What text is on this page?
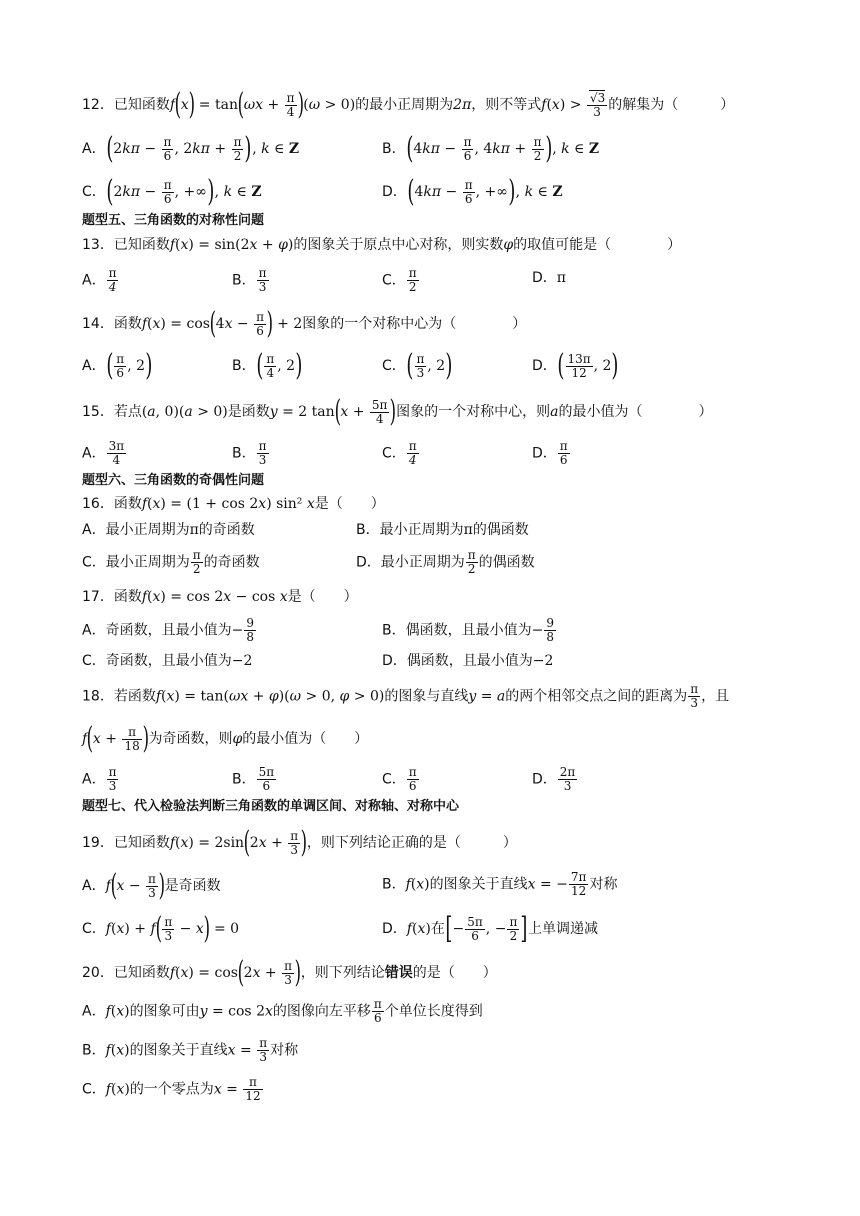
12．已知函数$f(x) = \tan(\omega x + \frac{\pi}{4} )(\omega > 0)$的最小正周期为2π，则不等式$f(x) > \frac{√3}{3}$ 的解集为（　　　）
A．($2k\pi - \frac{\pi}{6}$ , $2k\pi + \frac{\pi}{2}$ ), k ∈ Z	B．($4k\pi - \frac{\pi}{6}$ , $4k\pi + \frac{\pi}{2}$ ), k ∈ Z
C．($2k\pi - \frac{\pi}{6}$ , +∞), k ∈ Z	D．($4k\pi - \frac{\pi}{6}$ , +∞), k ∈ Z
题型五、三角函数的对称性问题
13．已知函数f(x) = sin(2x + φ)的图象关于原点中心对称，则实数φ的取值可能是（　　　　）
A． $\frac{\pi}{4}$	B． $\frac{\pi}{3}$	C． $\frac{\pi}{2}$	D．π
14．函数$f(x) = \cos(4x - \frac{\pi}{6}$ ) + 2图象的一个对称中心为（　　　　）
A．( $\frac{\pi}{6}$ , 2)	B．( $\frac{\pi}{4}$ , 2)	C．( $\frac{\pi}{3}$ , 2)	D．( $\frac{13\pi}{12}$ , 2)
15．若点(a, 0)(a > 0)是函数y = 2 $\tan(x + \frac{5\pi}{4}$ )图象的一个对称中心，则a的最小值为（　　　　）
A． $\frac{3\pi}{4}$	B． $\frac{\pi}{3}$	C． $\frac{\pi}{4}$	D． $\frac{\pi}{6}$
题型六、三角函数的奇偶性问题
16．函数f(x) = (1 + cos 2x) sin² x是（　　）
A．最小正周期为π的奇函数	B．最小正周期为π的偶函数
C．最小正周期为 $\frac{\pi}{2}$ 的奇函数	D．最小正周期为 $\frac{\pi}{2}$ 的偶函数
17．函数f(x) = cos 2x − cos x是（　　）
A．奇函数，且最小值为− $\frac{9}{8}$	B．偶函数，且最小值为− $\frac{9}{8}$
C．奇函数，且最小值为−2	D．偶函数，且最小值为−2
18．若函数f(x) = tan(ωx + φ)(ω > 0, φ > 0)的图象与直线y = a的两个相邻交点之间的距离为 $\frac{\pi}{3}$ ，且
$f(x + \frac{\pi}{18}$ )为奇函数，则φ的最小值为（　　）
A． $\frac{\pi}{3}$	B． $\frac{5\pi}{6}$	C． $\frac{\pi}{6}$	D． $\frac{2\pi}{3}$
题型七、代入检验法判断三角函数的单调区间、对称轴、对称中心
19．已知函数$f(x) = 2\sin(2x + \frac{\pi}{3}$ )，则下列结论正确的是（　　　）
A．$f(x - \frac{\pi}{3}$ )是奇函数	B．f(x)的图象关于直线x = − $\frac{7\pi}{12}$ 对称
C．$f(x) + f( \frac{\pi}{3} - x) = 0$	D．f(x)在[− $\frac{5\pi}{6}$ , − $\frac{\pi}{2}$ ]上单调递减
20．已知函数$f(x) = \cos(2x + \frac{\pi}{3}$ )，则下列结论错误的是（　　）
A．f(x)的图象可由y = cos 2x的图像向左平移 $\frac{\pi}{6}$ 个单位长度得到
B．f(x)的图象关于直线$x = \frac{\pi}{3}$ 对称
C．f(x)的一个零点为$x = \frac{\pi}{12}$
